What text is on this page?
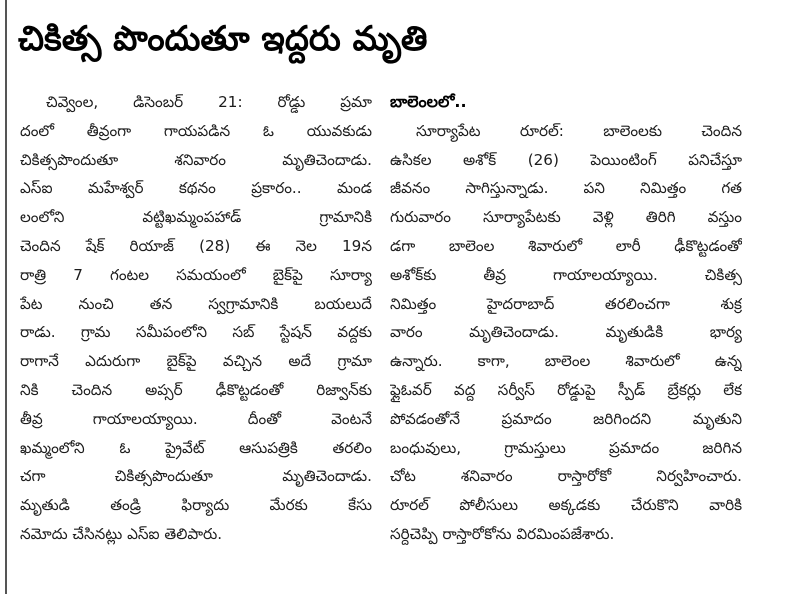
చికిత్స పొందుతూ ఇద్దరు మృతి
చివ్వెంల, డిసెంబర్ 21: రోడ్డు ప్రమా
దంలో తీవ్రంగా గాయపడిన ఓ యువకుడు
చికిత్సపొందుతూ శనివారం మృతిచెందాడు.
ఎస్‌ఐ మహేశ్వర్ కథనం ప్రకారం.. మండ
లంలోని వట్టిఖమ్మంపహాడ్ గ్రామానికి
చెందిన షేక్ రియాజ్ (28) ఈ నెల 19న
రాత్రి 7 గంటల సమయంలో బైక్‌పై సూర్యా
పేట నుంచి తన స్వగ్రామానికి బయలుదే
రాడు. గ్రామ సమీపంలోని సబ్ స్టేషన్ వద్దకు
రాగానే ఎదురుగా బైక్‌పై వచ్చిన అదే గ్రామా
నికి చెందిన అప్సర్ ఢీకొట్టడంతో రిజ్వాన్‌కు
తీవ్ర గాయాలయ్యాయి. దీంతో వెంటనే
ఖమ్మంలోని ఓ ప్రైవేట్ ఆసుపత్రికి తరలిం
చగా చికిత్సపొందుతూ మృతిచెందాడు.
మృతుడి తండ్రి ఫిర్యాదు మేరకు కేసు
నమోదు చేసినట్లు ఎస్‌ఐ తెలిపారు.
బాలెంలలో..
సూర్యాపేట రూరల్: బాలెంలకు చెందిన
ఉసికల అశోక్ (26) పెయింటింగ్ పనిచేస్తూ
జీవనం సాగిస్తున్నాడు. పని నిమిత్తం గత
గురువారం సూర్యాపేటకు వెళ్లి తిరిగి వస్తుం
డగా బాలెంల శివారులో లారీ ఢీకొట్టడంతో
అశోక్‌కు తీవ్ర గాయాలయ్యాయి. చికిత్స
నిమిత్తం హైదరాబాద్ తరలించగా శుక్ర
వారం మృతిచెందాడు. మృతుడికి భార్య
ఉన్నారు. కాగా, బాలెంల శివారులో ఉన్న
ఫ్లైఓవర్ వద్ద సర్వీస్ రోడ్డుపై స్పీడ్ బ్రేకర్లు లేక
పోవడంతోనే ప్రమాదం జరిగిందని మృతుని
బంధువులు, గ్రామస్తులు ప్రమాదం జరిగిన
చోట శనివారం రాస్తారోకో నిర్వహించారు.
రూరల్ పోలీసులు అక్కడకు చేరుకొని వారికి
సర్దిచెప్పి రాస్తారోకోను విరమింపజేశారు.
